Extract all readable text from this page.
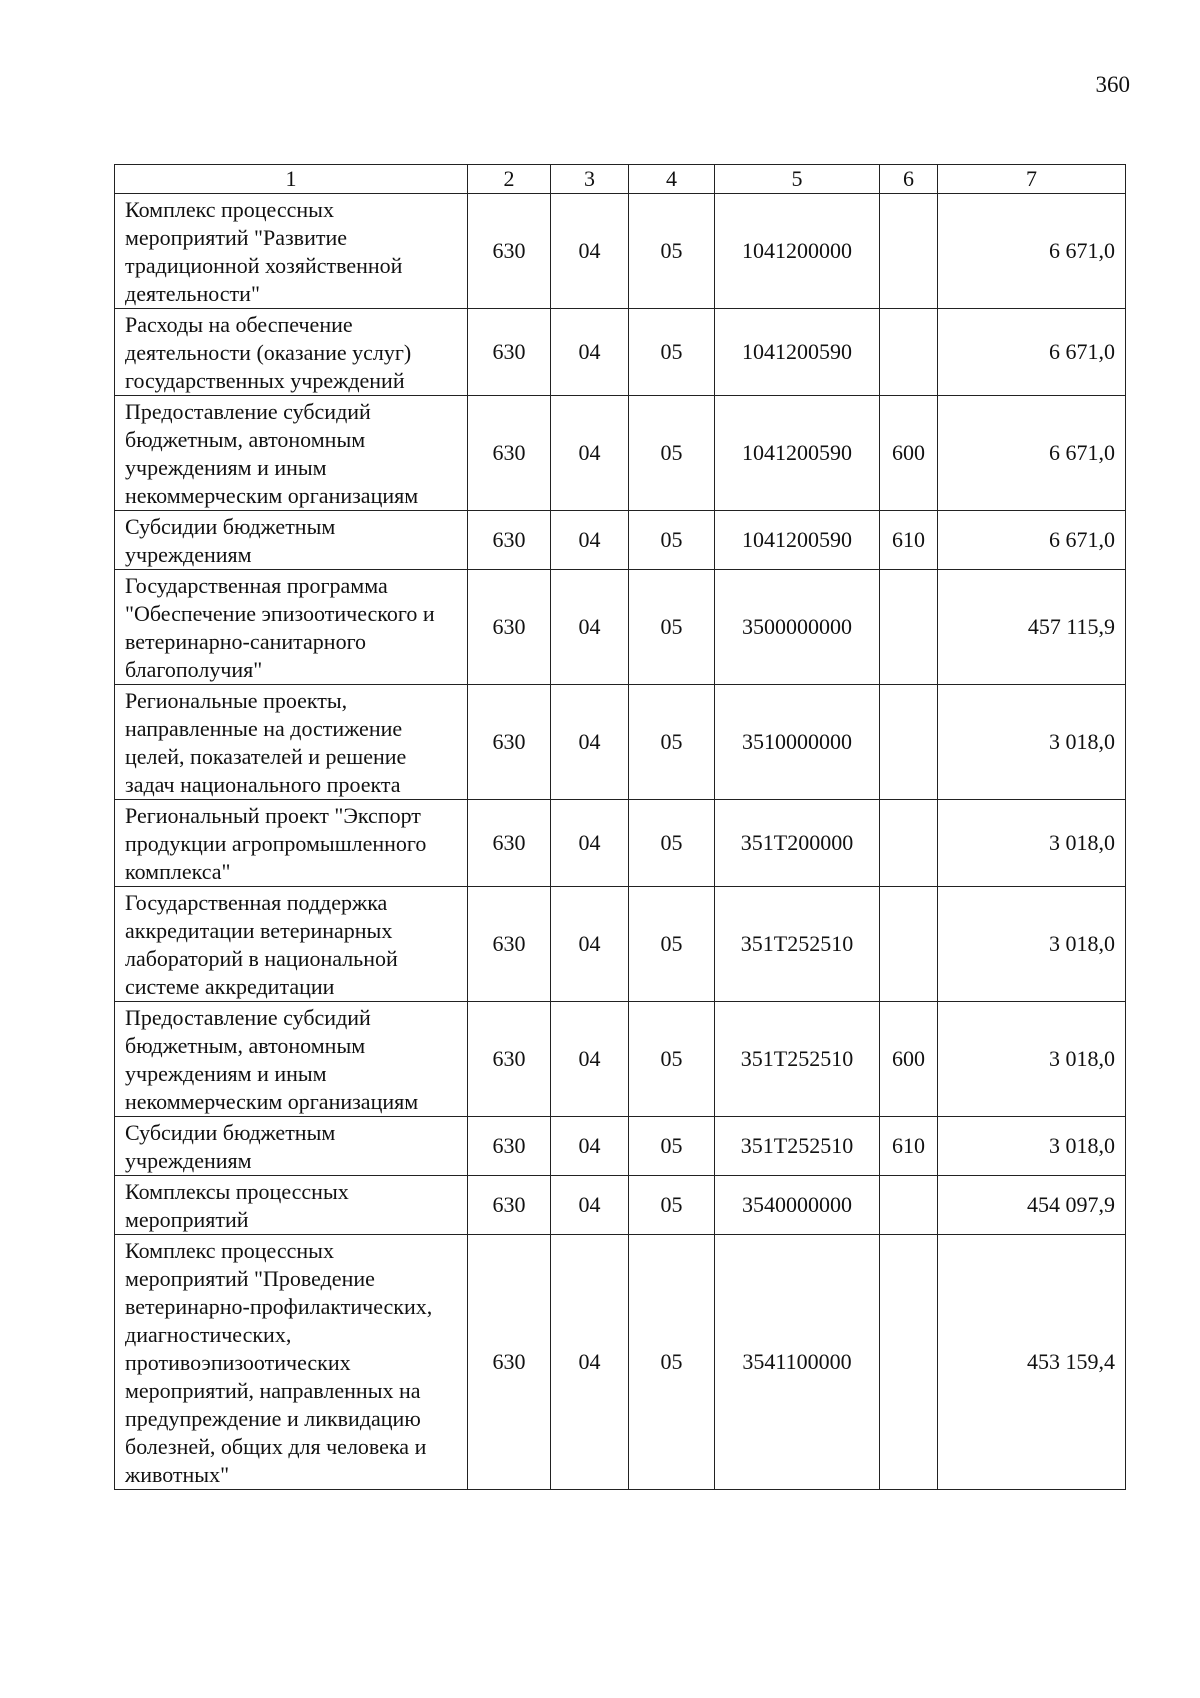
360
1	2	3	4	5	6	7
Комплекс процессных мероприятий "Развитие традиционной хозяйственной деятельности"	630	04	05	1041200000		6 671,0
Расходы на обеспечение деятельности (оказание услуг) государственных учреждений	630	04	05	1041200590		6 671,0
Предоставление субсидий бюджетным, автономным учреждениям и иным некоммерческим организациям	630	04	05	1041200590	600	6 671,0
Субсидии бюджетным учреждениям	630	04	05	1041200590	610	6 671,0
Государственная программа "Обеспечение эпизоотического и ветеринарно-санитарного благополучия"	630	04	05	3500000000		457 115,9
Региональные проекты, направленные на достижение целей, показателей и решение задач национального проекта	630	04	05	3510000000		3 018,0
Региональный проект "Экспорт продукции агропромышленного комплекса"	630	04	05	351Т200000		3 018,0
Государственная поддержка аккредитации ветеринарных лабораторий в национальной системе аккредитации	630	04	05	351Т252510		3 018,0
Предоставление субсидий бюджетным, автономным учреждениям и иным некоммерческим организациям	630	04	05	351Т252510	600	3 018,0
Субсидии бюджетным учреждениям	630	04	05	351Т252510	610	3 018,0
Комплексы процессных мероприятий	630	04	05	3540000000		454 097,9
Комплекс процессных мероприятий "Проведение ветеринарно-профилактических, диагностических, противоэпизоотических мероприятий, направленных на предупреждение и ликвидацию болезней, общих для человека и животных"	630	04	05	3541100000		453 159,4
